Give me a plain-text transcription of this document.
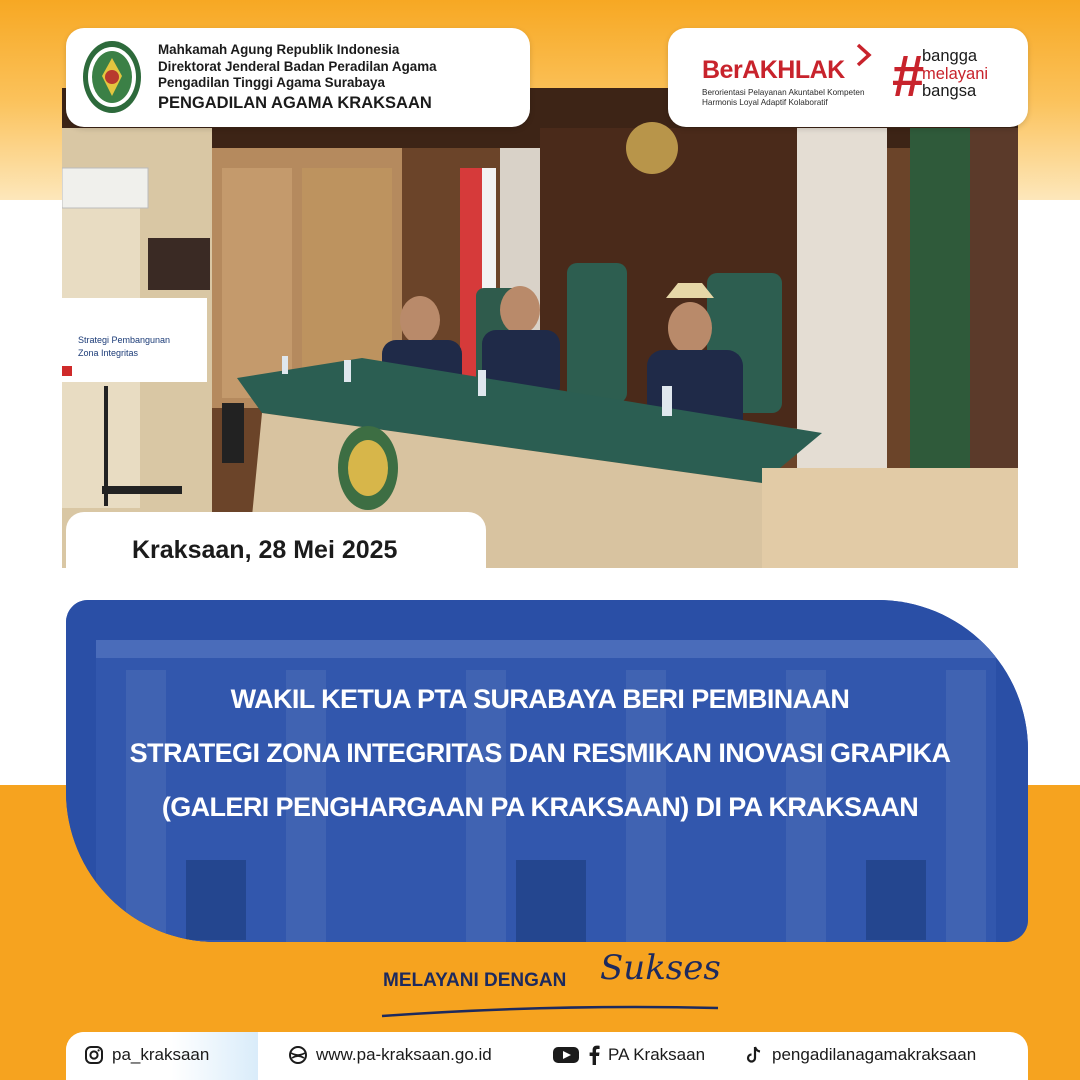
Strategi Pembangunan
Zona Integritas
Mahkamah Agung Republik Indonesia
Direktorat Jenderal Badan Peradilan Agama
Pengadilan Tinggi Agama Surabaya
PENGADILAN AGAMA KRAKSAAN
BerAKHLAK
Berorientasi Pelayanan Akuntabel Kompeten
Harmonis Loyal Adaptif Kolaboratif	#
bangga
melayani
bangsa
Kraksaan, 28 Mei 2025
WAKIL KETUA PTA SURABAYA BERI PEMBINAAN
STRATEGI ZONA INTEGRITAS DAN RESMIKAN INOVASI GRAPIKA
(GALERI PENGHARGAAN PA KRAKSAAN) DI PA KRAKSAAN
MELAYANI DENGAN Sukses
pa_kraksaan	www.pa-kraksaan.go.id	PA Kraksaan	pengadilanagamakraksaan
